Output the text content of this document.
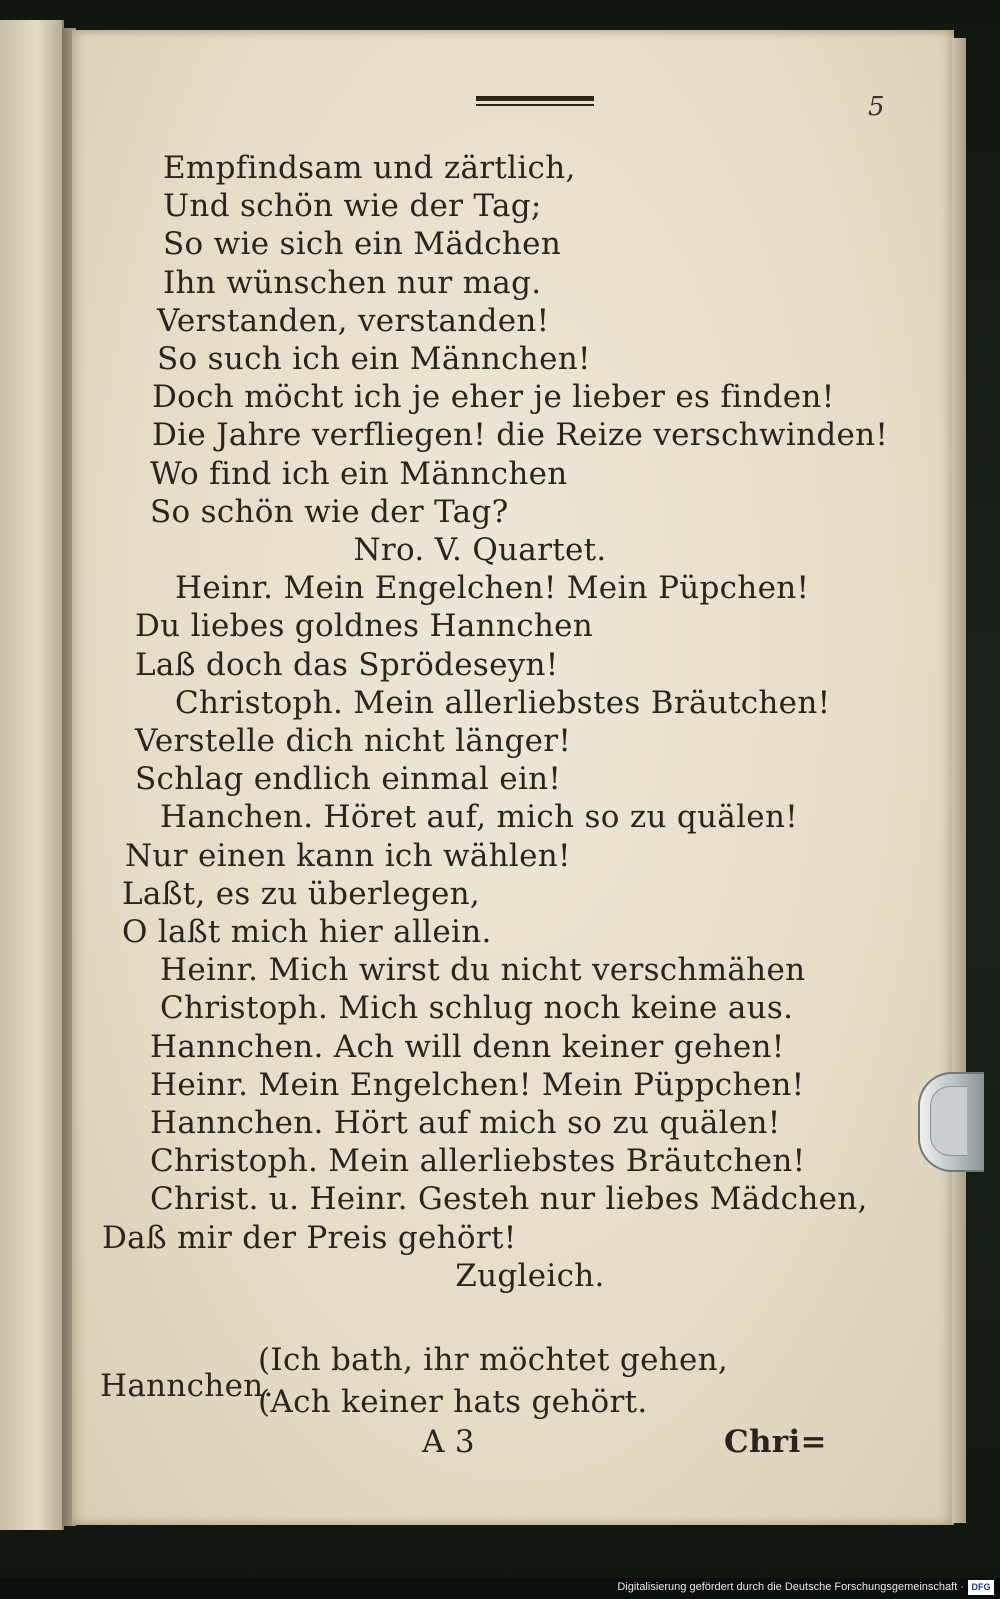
5
Empfindsam und zärtlich,
Und schön wie der Tag;
So wie sich ein Mädchen
Ihn wünschen nur mag.
Verstanden, verstanden!
So such ich ein Männchen!
Doch möcht ich je eher je lieber es finden!
Die Jahre verfliegen! die Reize verschwinden!
Wo find ich ein Männchen
So schön wie der Tag?
Nro. V. Quartet.
Heinr. Mein Engelchen! Mein Püpchen!
Du liebes goldnes Hannchen
Laß doch das Sprödeseyn!
Christoph. Mein allerliebstes Bräutchen!
Verstelle dich nicht länger!
Schlag endlich einmal ein!
Hanchen. Höret auf, mich so zu quälen!
Nur einen kann ich wählen!
Laßt, es zu überlegen,
O laßt mich hier allein.
Heinr. Mich wirst du nicht verschmähen
Christoph. Mich schlug noch keine aus.
Hannchen. Ach will denn keiner gehen!
Heinr. Mein Engelchen! Mein Püppchen!
Hannchen. Hört auf mich so zu quälen!
Christoph. Mein allerliebstes Bräutchen!
Christ. u. Heinr. Gesteh nur liebes Mädchen,
Daß mir der Preis gehört!
Zugleich.
Hannchen.
(Ich bath, ihr möchtet gehen,
(Ach keiner hats gehört.
A 3	Chri=
Digitalisierung gefördert durch die Deutsche Forschungsgemeinschaft · DFG
